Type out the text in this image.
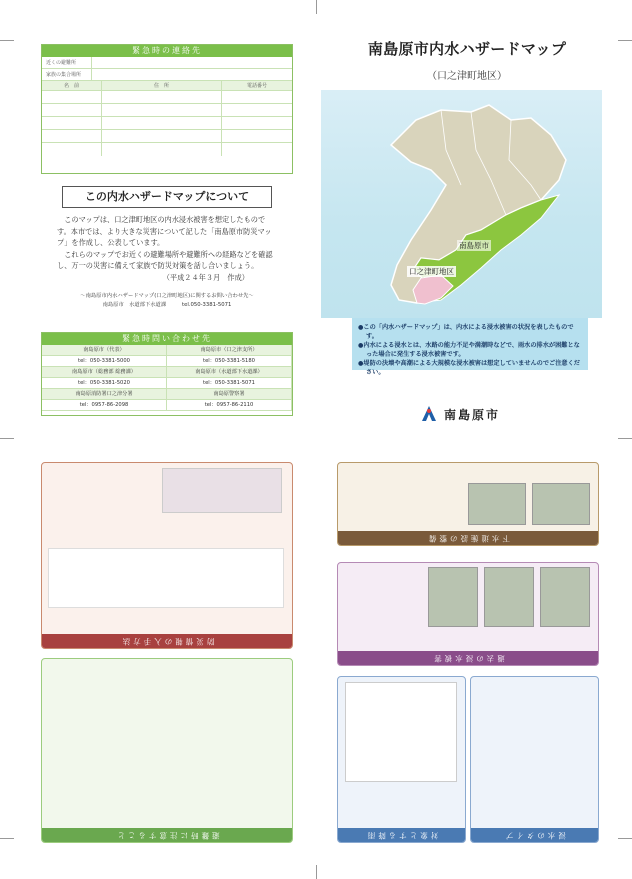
緊急時の連絡先
近くの避難所
家族の集合場所
名　前	住　所	電話番号
この内水ハザードマップについて

このマップは、口之津町地区の内水浸水被害を想定したものです。本市では、より大きな災害について記した「南島原市防災マップ」を作成し、公表しています。

これらのマップでお近くの避難場所や避難所への経路などを確認し、万一の災害に備えて家族で防災対策を話し合いましょう。

（平成２４年３月　作成）
〜南島原市内水ハザードマップ(口之津町地区)に関するお問い合わせ先〜
南島原市　水道部下水道課　　　tel.050-3381-5071
緊急時問い合わせ先
南島原市（代表）
tel：050-3381-5000
南島原市（口之津支所）
tel：050-3381-5180
南島原市（総務部 総務課）
tel：050-3381-5020
南島原市（水道部下水道課）
tel：050-3381-5071
南島原消防署口之津分署
tel：0957-86-2098
南島原警察署
tel：0957-86-2110
南島原市内水ハザードマップ
（口之津町地区）
南島原市
口之津町地区
●この「内水ハザードマップ」は、内水による浸水被害の状況を表したものです。
●内水による浸水とは、水路の能力不足や満潮時などで、雨水の排水が困難となった場合に発生する浸水被害です。
●堤防の決壊や高潮による大規模な浸水被害は想定していませんのでご注意ください。
南島原市
下水道施設の整備
過去の浸水被害
防災情報の入手方法
浸水のタイプ
対象とする降雨
避難時に注意すること
